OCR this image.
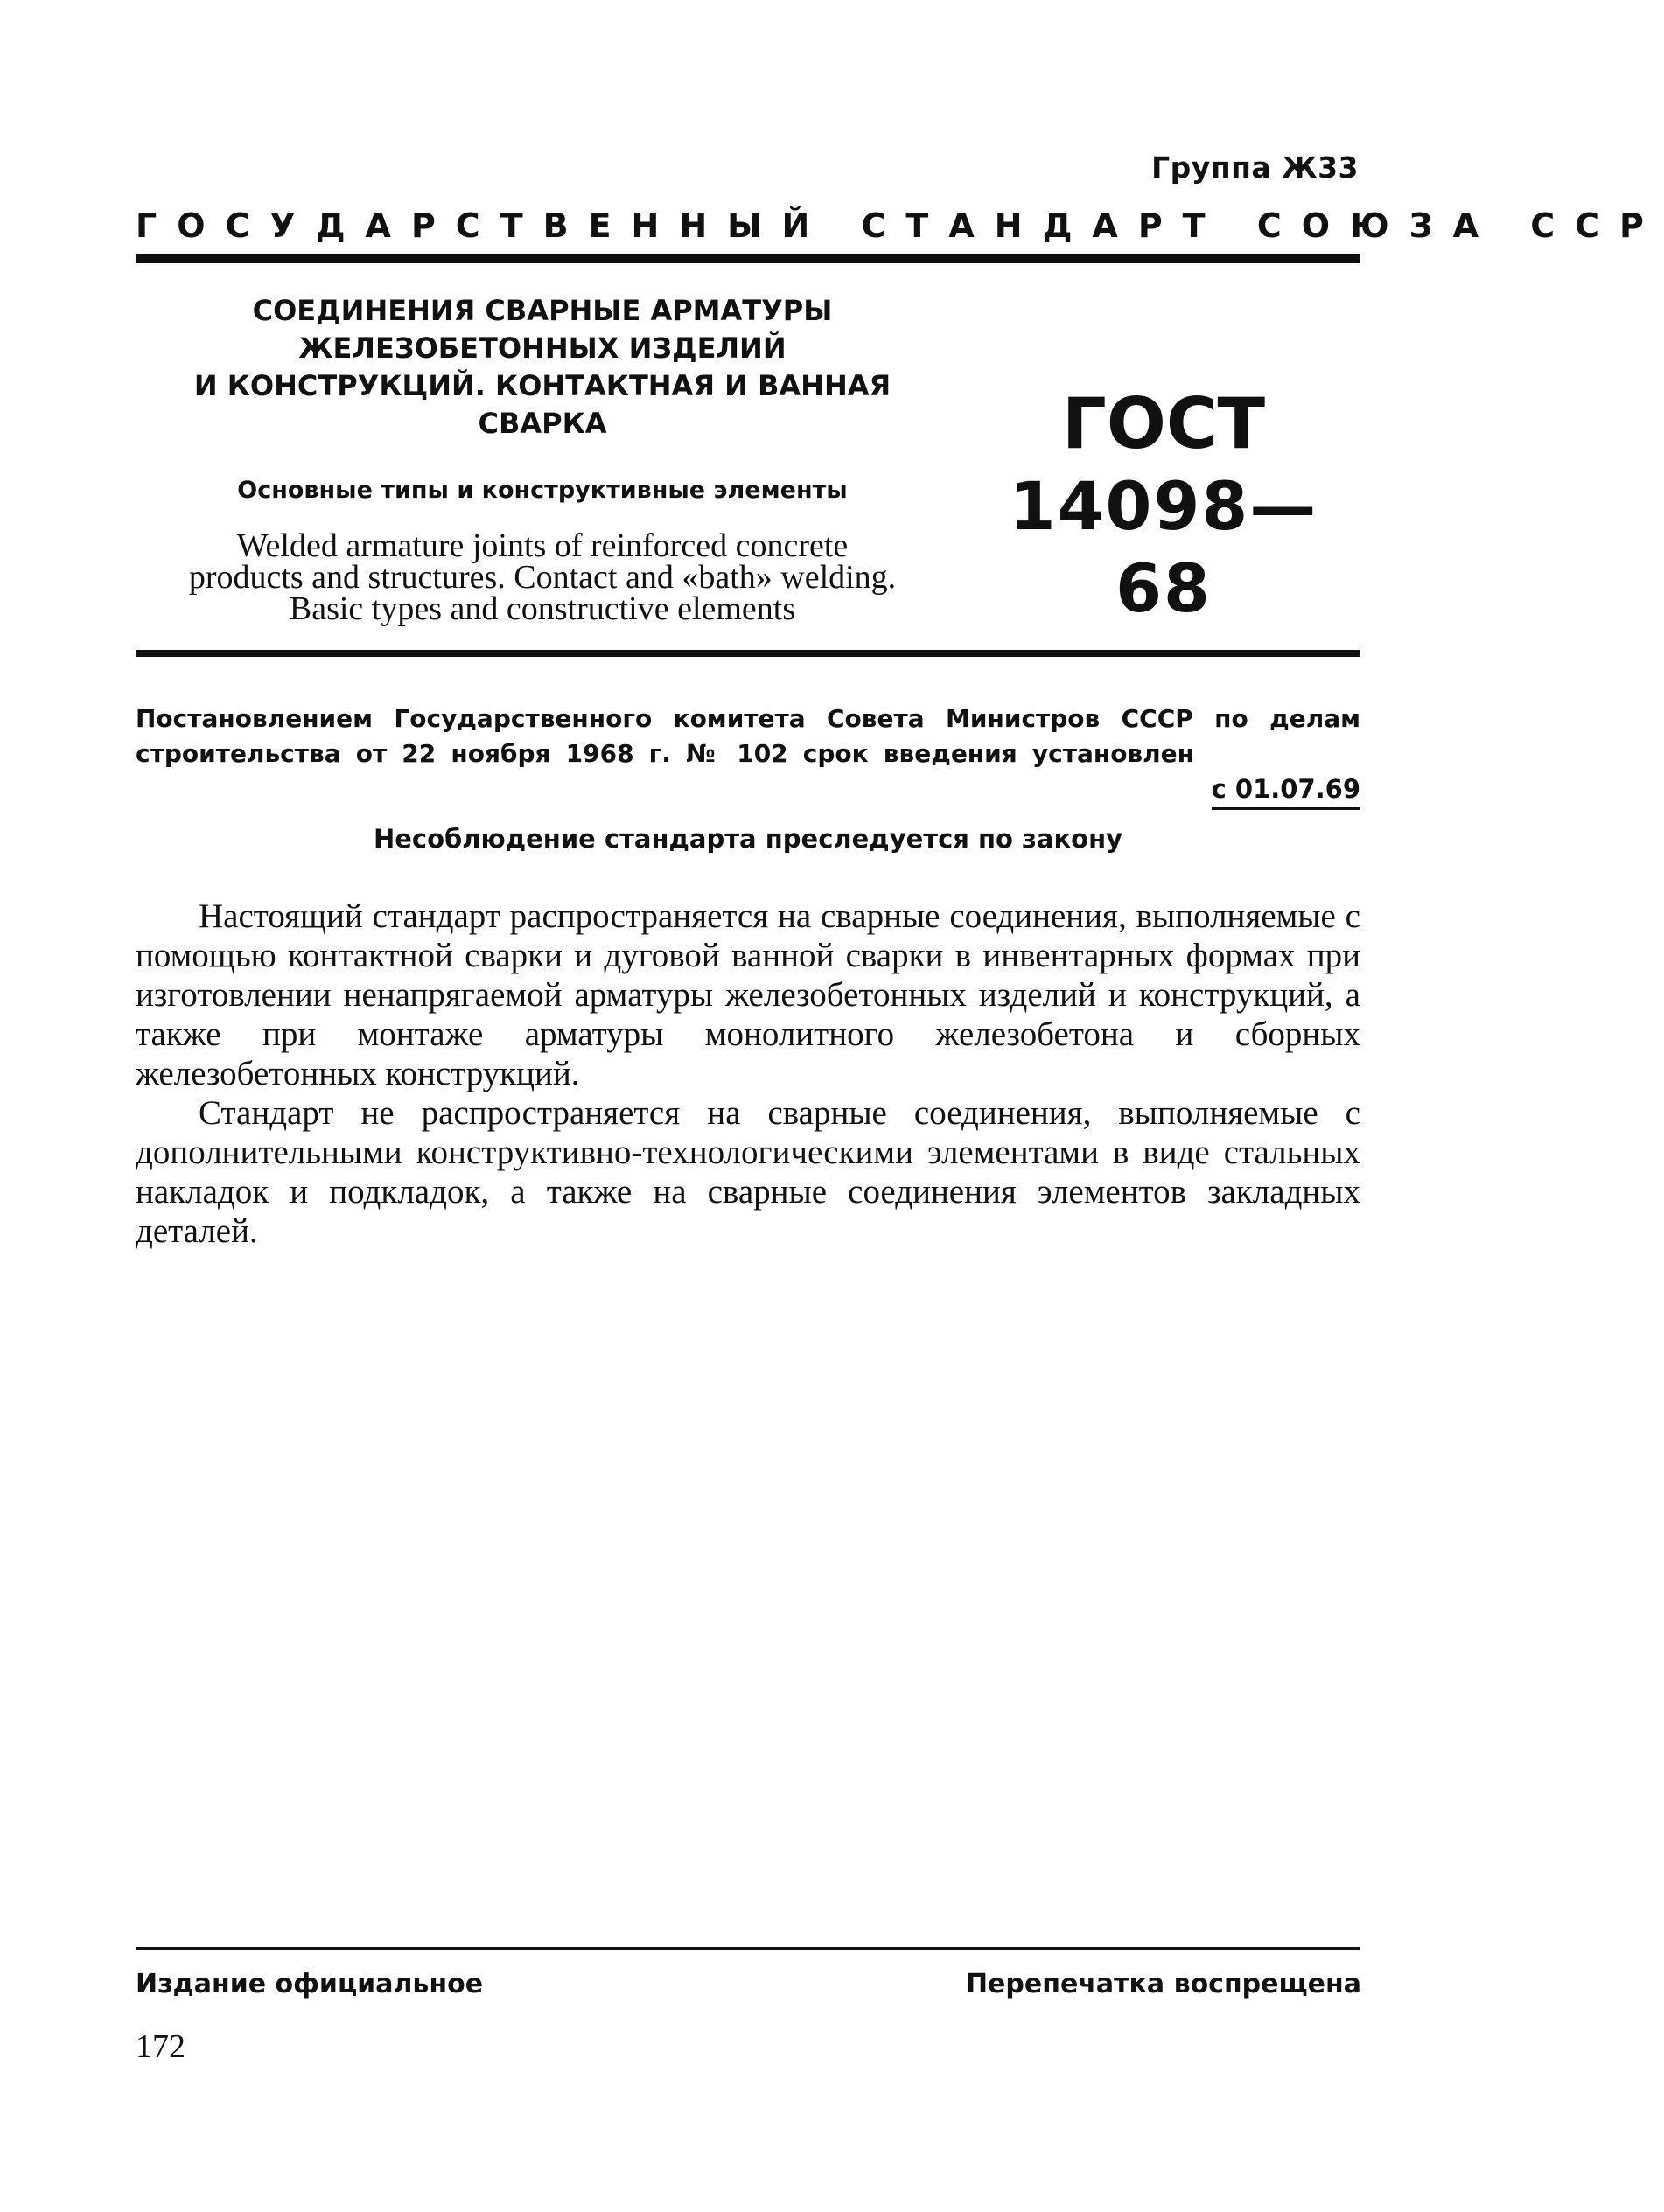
Группа Ж33
ГОСУДАРСТВЕННЫЙ СТАНДАРТ СОЮЗА ССР
СОЕДИНЕНИЯ СВАРНЫЕ АРМАТУРЫ
ЖЕЛЕЗОБЕТОННЫХ ИЗДЕЛИЙ
И КОНСТРУКЦИЙ. КОНТАКТНАЯ И ВАННАЯ
СВАРКА
Основные типы и конструктивные элементы
Welded armature joints of reinforced concrete
products and structures. Contact and «bath» welding.
Basic types and constructive elements
ГОСТ
14098—68
Постановлением Государственного комитета Совета Министров СССР по делам
строительства от 22 ноября 1968 г. № 102 срок введения установлен
с 01.07.69
Несоблюдение стандарта преследуется по закону

Настоящий стандарт распространяется на сварные соединения, выполняемые с помощью контактной сварки и дуговой ванной сварки в инвентарных формах при изготовлении ненапрягаемой арматуры железобетонных изделий и конструкций, а также при монтаже арматуры монолитного железобетона и сборных железобетонных конструкций.

Стандарт не распространяется на сварные соединения, выполняемые с дополнительными конструктивно-технологическими элементами в виде стальных накладок и подкладок, а также на сварные соединения элементов закладных деталей.

Издание официальное	Перепечатка воспрещена
172
